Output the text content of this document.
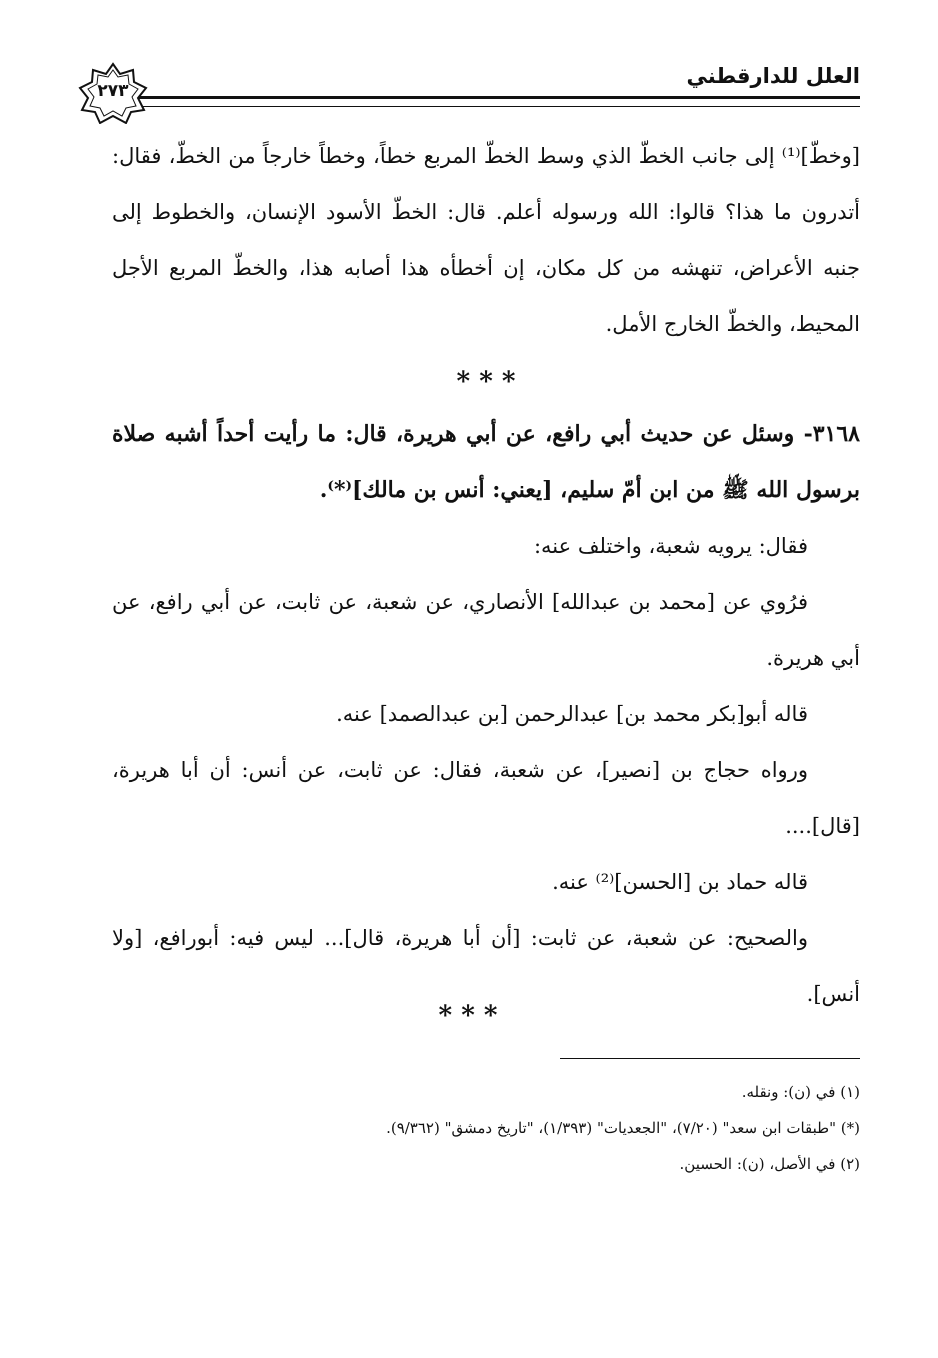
العلل للدارقطني
٢٧٣

[وخطّ]⁽¹⁾ إلى جانب الخطّ الذي وسط الخطّ المربع خطاً، وخطاً خارجاً من الخطّ، فقال: أتدرون ما هذا؟ قالوا: الله ورسوله أعلم. قال: الخطّ الأسود الإنسان، والخطوط إلى جنبه الأعراض، تنهشه من كل مكان، إن أخطأه هذا أصابه هذا، والخطّ المربع الأجل المحيط، والخطّ الخارج الأمل.

* * *

٣١٦٨- وسئل عن حديث أبي رافع، عن أبي هريرة، قال: ما رأيت أحداً أشبه صلاة برسول الله ﷺ من ابن أمّ سليم، [يعني: أنس بن مالك]⁽*⁾.

فقال: يرويه شعبة، واختلف عنه:

فرُوي عن [محمد بن عبدالله] الأنصاري، عن شعبة، عن ثابت، عن أبي رافع، عن أبي هريرة.

قاله أبو[بكر محمد بن] عبدالرحمن [بن عبدالصمد] عنه.

ورواه حجاج بن [نصير]، عن شعبة، فقال: عن ثابت، عن أنس: أن أبا هريرة، [قال]....

قاله حماد بن [الحسن]⁽²⁾ عنه.

والصحيح: عن شعبة، عن ثابت: [أن أبا هريرة، قال]... ليس فيه: أبورافع، [ولا أنس].

* * *

(١) في (ن): ونقله.

(*) "طبقات ابن سعد" (٧/٢٠)، "الجعديات" (١/٣٩٣)، "تاريخ دمشق" (٩/٣٦٢).

(٢) في الأصل، (ن): الحسين.
